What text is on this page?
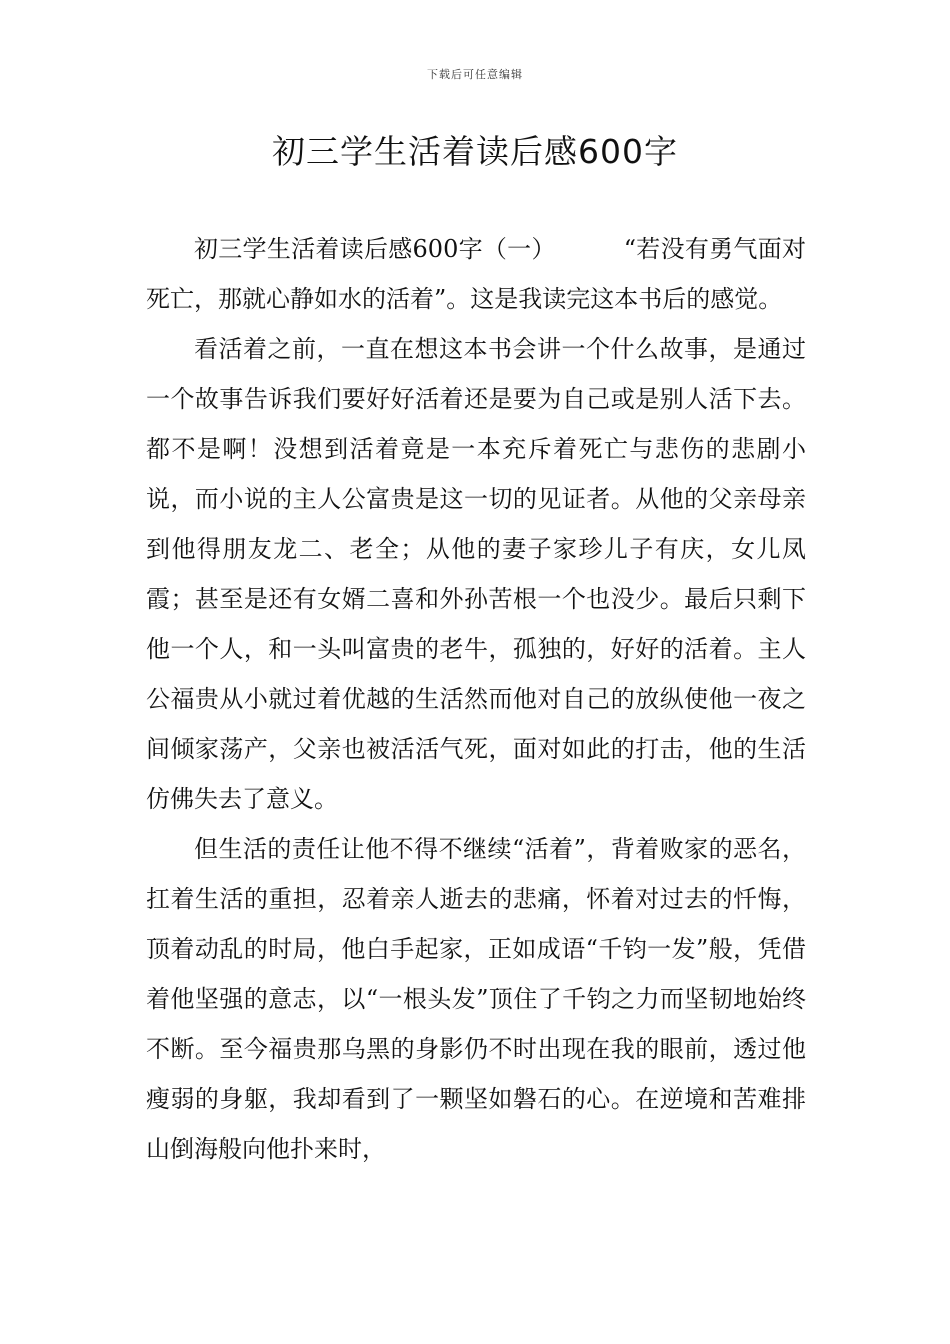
下载后可任意编辑
初三学生活着读后感600字

初三学生活着读后感600字（一）	“若没有勇气面对死亡，那就心静如水的活着”。这是我读完这本书后的感觉。

看活着之前，一直在想这本书会讲一个什么故事，是通过一个故事告诉我们要好好活着还是要为自己或是别人活下去。都不是啊！没想到活着竟是一本充斥着死亡与悲伤的悲剧小说，而小说的主人公富贵是这一切的见证者。从他的父亲母亲到他得朋友龙二、老全；从他的妻子家珍儿子有庆，女儿凤霞；甚至是还有女婿二喜和外孙苦根一个也没少。最后只剩下他一个人，和一头叫富贵的老牛，孤独的，好好的活着。主人公福贵从小就过着优越的生活然而他对自己的放纵使他一夜之间倾家荡产，父亲也被活活气死，面对如此的打击，他的生活仿佛失去了意义。

但生活的责任让他不得不继续“活着”，背着败家的恶名，扛着生活的重担，忍着亲人逝去的悲痛，怀着对过去的忏悔，顶着动乱的时局，他白手起家，正如成语“千钧一发”般，凭借着他坚强的意志，以“一根头发”顶住了千钧之力而坚韧地始终不断。至今福贵那乌黑的身影仍不时出现在我的眼前，透过他瘦弱的身躯，我却看到了一颗坚如磐石的心。在逆境和苦难排山倒海般向他扑来时，
